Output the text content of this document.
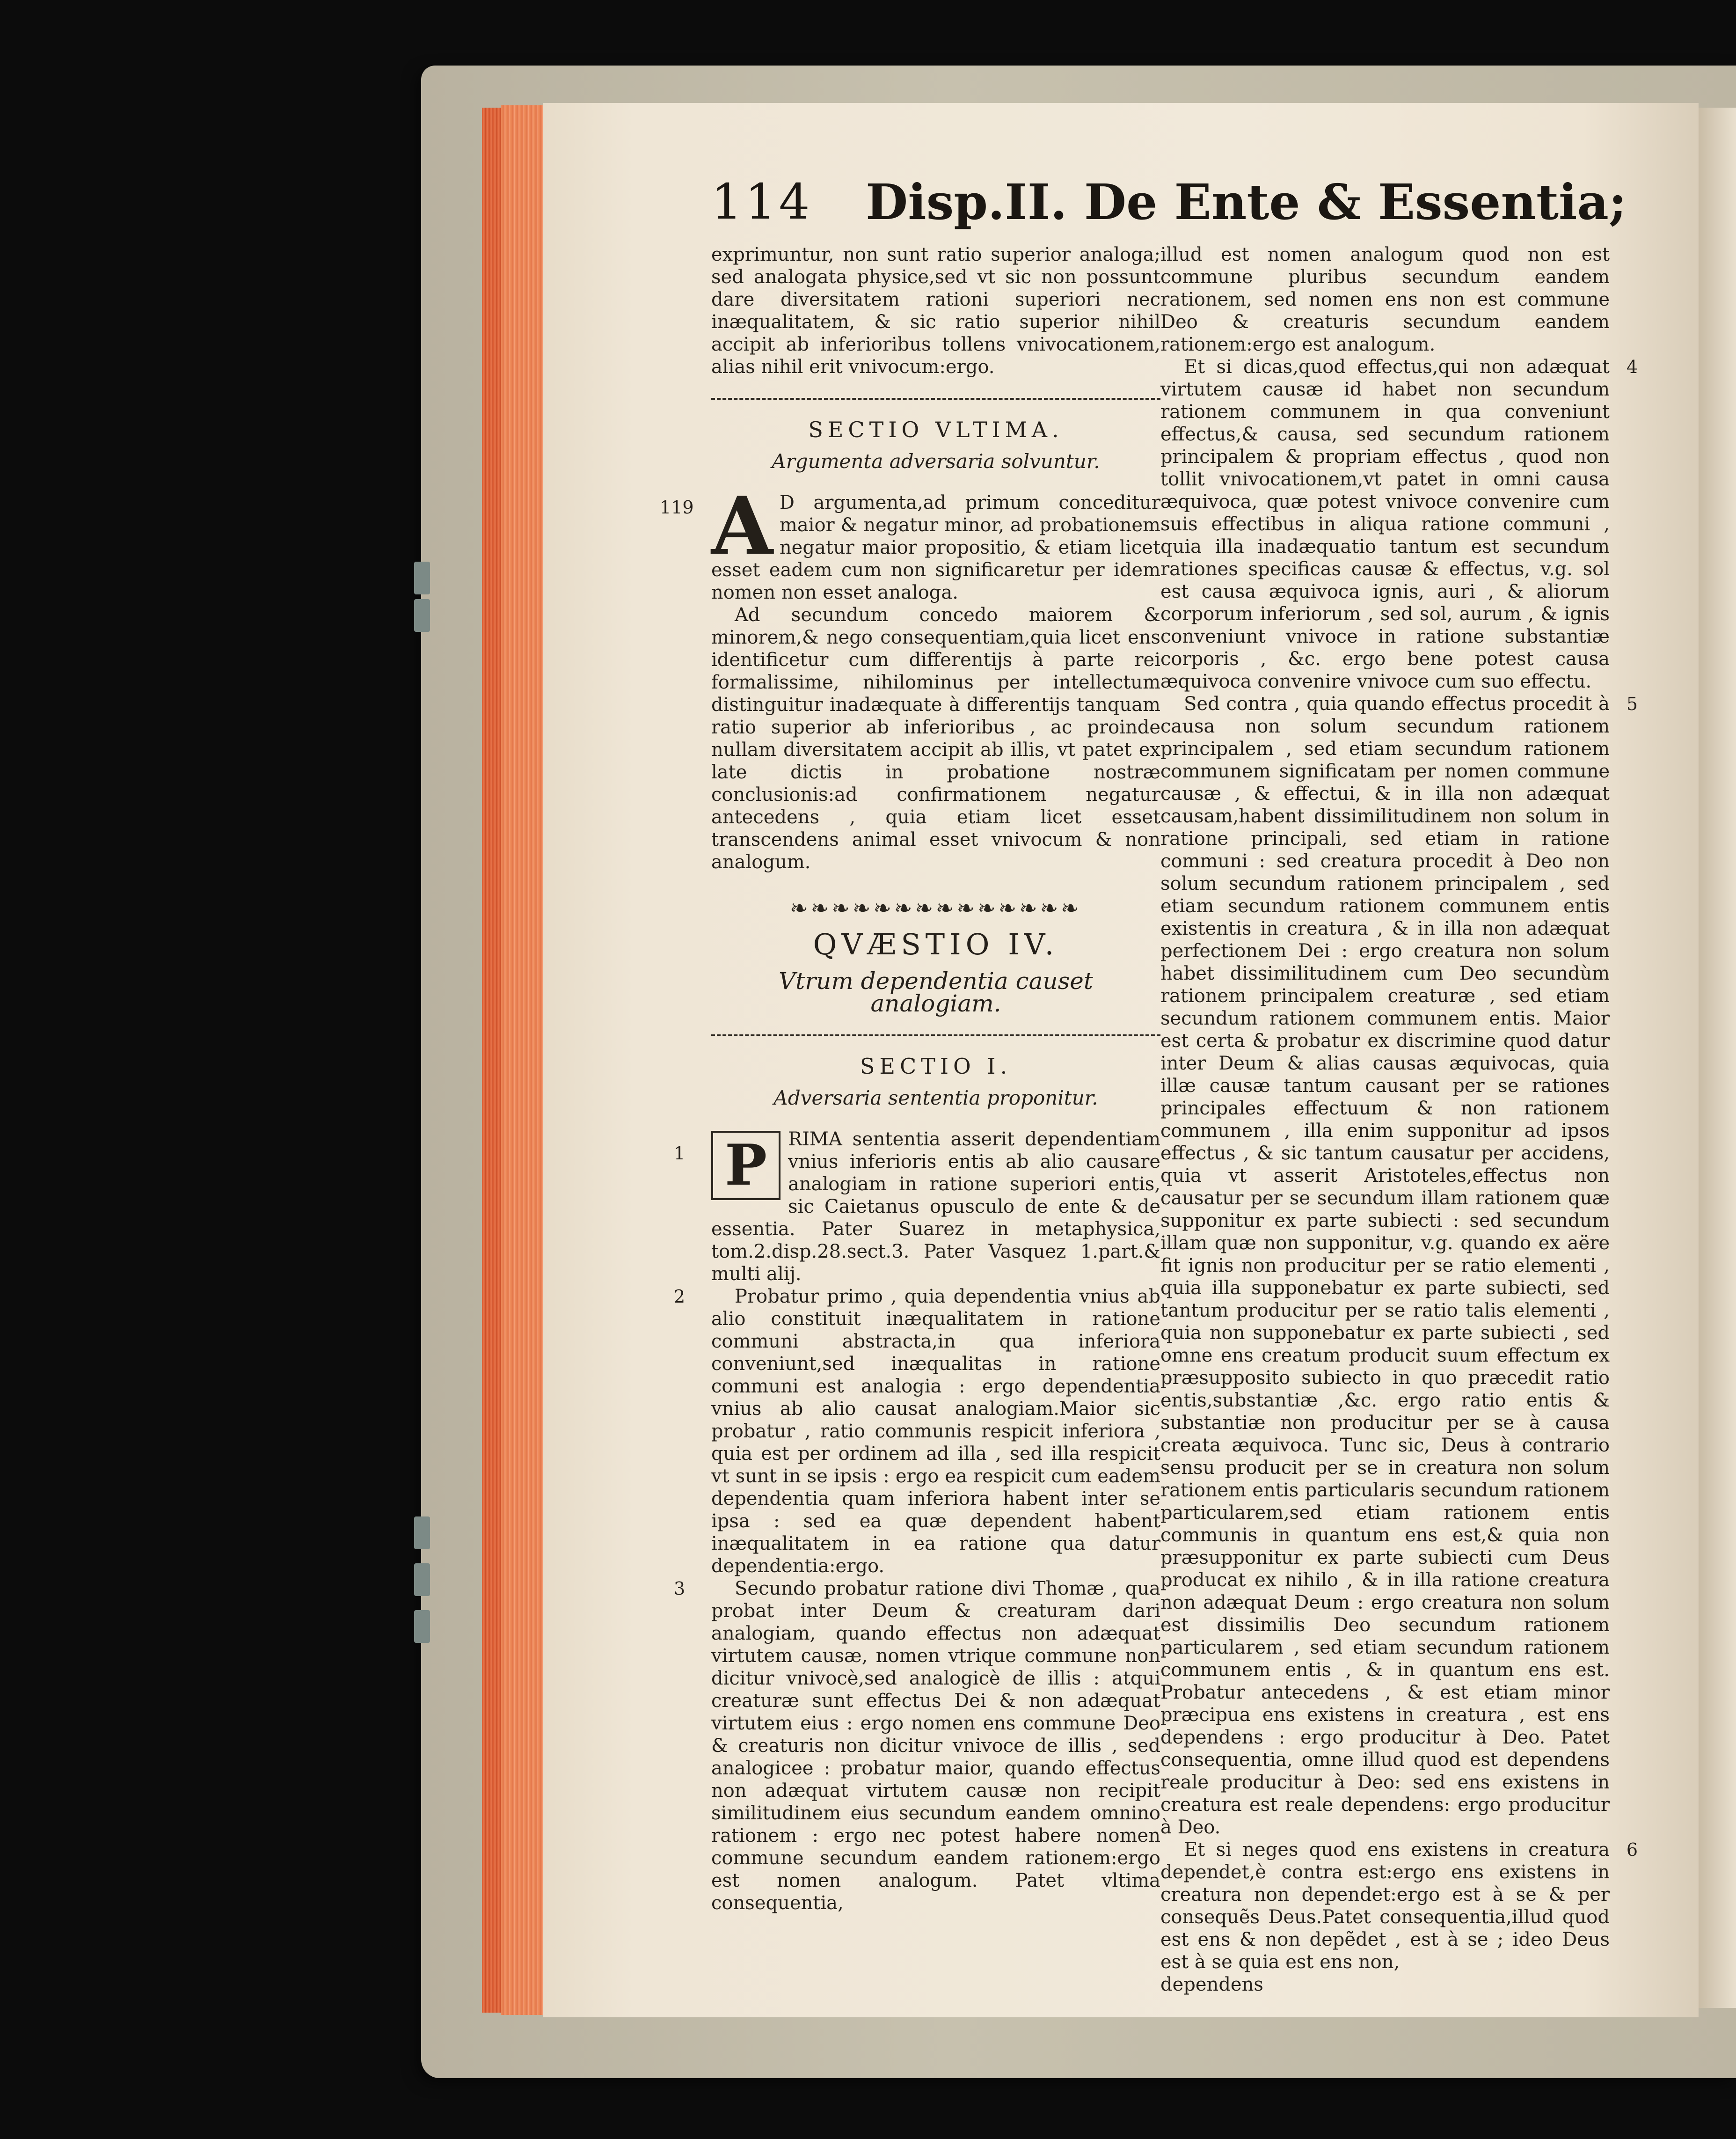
114 Disp.II. De Ente & Essentia;

exprimuntur, non sunt ratio superior analoga; sed analogata physice,sed vt sic non possunt dare diversitatem rationi superiori nec inæqualitatem, & sic ratio superior nihil accipit ab inferioribus tollens vnivocationem, alias nihil erit vnivocum:ergo.

SECTIO VLTIMA.
Argumenta adversaria solvuntur.
119 A D argumenta,ad primum conceditur maior & negatur minor, ad probationem negatur maior propositio, & etiam licet esset eadem cum non significaretur per idem nomen non esset analoga.

Ad secundum concedo maiorem & minorem,& nego consequentiam,quia licet ens identificetur cum differentijs à parte rei formalissime, nihilominus per intellectum distinguitur inadæquate à differentijs tanquam ratio superior ab inferioribus , ac proinde nullam diversitatem accipit ab illis, vt patet ex late dictis in probatione nostræ conclusionis:ad confirmationem negatur antecedens , quia etiam licet esset transcendens animal esset vnivocum & non analogum.

❧❧❧❧❧❧❧❧❧❧❧❧❧❧
QVÆSTIO IV.
Vtrum dependentia causet analogiam.
SECTIO I.
Adversaria sententia proponitur.
1 P	RIMA sententia asserit dependentiam vnius inferioris entis ab alio causare analogiam in ratione superiori entis, sic Caietanus opusculo de ente & de essentia. Pater Suarez in metaphysica, tom.2.disp.28.sect.3. Pater Vasquez 1.part.& multi alij.

2	Probatur primo , quia dependentia vnius ab alio constituit inæqualitatem in ratione communi abstracta,in qua inferiora conveniunt,sed inæqualitas in ratione communi est analogia : ergo dependentia vnius ab alio causat analogiam.Maior sic probatur , ratio communis respicit inferiora , quia est per ordinem ad illa , sed illa respicit vt sunt in se ipsis : ergo ea respicit cum eadem dependentia quam inferiora habent inter se ipsa : sed ea quæ dependent habent inæqualitatem in ea ratione qua datur dependentia:ergo.

3	Secundo probatur ratione divi Thomæ , qua probat inter Deum & creaturam dari analogiam, quando effectus non adæquat virtutem causæ, nomen vtrique commune non dicitur vnivocè,sed analogicè de illis : atqui creaturæ sunt effectus Dei & non adæquat virtutem eius : ergo nomen ens commune Deo & creaturis non dicitur vnivoce de illis , sed analogicee : probatur maior, quando effectus non adæquat virtutem causæ non recipit similitudinem eius secundum eandem omnino rationem : ergo nec potest habere nomen commune secundum eandem rationem:ergo est nomen analogum. Patet vltima consequentia,

illud est nomen analogum quod non est commune pluribus secundum eandem rationem, sed nomen ens non est commune Deo & creaturis secundum eandem rationem:ergo est analogum.

4

Et si dicas,quod effectus,qui non adæquat virtutem causæ id habet non secundum rationem communem in qua conveniunt effectus,& causa, sed secundum rationem principalem & propriam effectus , quod non tollit vnivocationem,vt patet in omni causa æquivoca, quæ potest vnivoce convenire cum suis effectibus in aliqua ratione communi , quia illa inadæquatio tantum est secundum rationes specificas causæ & effectus, v.g. sol est causa æquivoca ignis, auri , & aliorum corporum inferiorum , sed sol, aurum , & ignis conveniunt vnivoce in ratione substantiæ corporis , &c. ergo bene potest causa æquivoca convenire vnivoce cum suo effectu.

5

Sed contra , quia quando effectus procedit à causa non solum secundum rationem principalem , sed etiam secundum rationem communem significatam per nomen commune causæ , & effectui, & in illa non adæquat causam,habent dissimilitudinem non solum in ratione principali, sed etiam in ratione communi : sed creatura procedit à Deo non solum secundum rationem principalem , sed etiam secundum rationem communem entis existentis in creatura , & in illa non adæquat perfectionem Dei : ergo creatura non solum habet dissimilitudinem cum Deo secundùm rationem principalem creaturæ , sed etiam secundum rationem communem entis. Maior est certa & probatur ex discrimine quod datur inter Deum & alias causas æquivocas, quia illæ causæ tantum causant per se rationes principales effectuum & non rationem communem , illa enim supponitur ad ipsos effectus , & sic tantum causatur per accidens, quia vt asserit Aristoteles,effectus non causatur per se secundum illam rationem quæ supponitur ex parte subiecti : sed secundum illam quæ non supponitur, v.g. quando ex aëre fit ignis non producitur per se ratio elementi , quia illa supponebatur ex parte subiecti, sed tantum producitur per se ratio talis elementi , quia non supponebatur ex parte subiecti , sed omne ens creatum producit suum effectum ex præsupposito subiecto in quo præcedit ratio entis,substantiæ ,&c. ergo ratio entis & substantiæ non producitur per se à causa creata æquivoca. Tunc sic, Deus à contrario sensu producit per se in creatura non solum rationem entis particularis secundum rationem particularem,sed etiam rationem entis communis in quantum ens est,& quia non præsupponitur ex parte subiecti cum Deus producat ex nihilo , & in illa ratione creatura non adæquat Deum : ergo creatura non solum est dissimilis Deo secundum rationem particularem , sed etiam secundum rationem communem entis , & in quantum ens est. Probatur antecedens , & est etiam minor præcipua ens existens in creatura , est ens dependens : ergo producitur à Deo. Patet consequentia, omne illud quod est dependens reale producitur à Deo: sed ens existens in creatura est reale dependens: ergo producitur à Deo.

6

Et si neges quod ens existens in creatura dependet,è contra est:ergo ens existens in creatura non dependet:ergo est à se & per consequẽs Deus.Patet consequentia,illud quod est ens & non depẽdet , est à se ; ideo Deus est à se quia est ens non,

dependens
